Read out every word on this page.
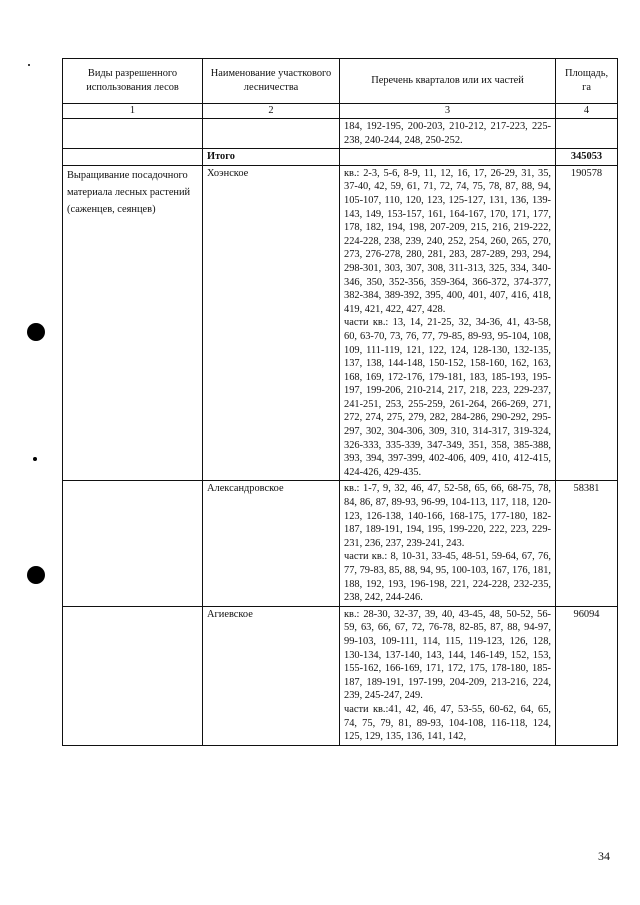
Виды разрешенного использования лесов	Наименование участкового лесничества	Перечень кварталов или их частей	Площадь, га
1	2	3	4
		184, 192-195, 200-203, 210-212, 217-223, 225-238, 240-244, 248, 250-252.	
	Итого		345053
Выращивание посадочного материала лесных растений (саженцев, сеянцев)	Хоэнское	кв.: 2-3, 5-6, 8-9, 11, 12, 16, 17, 26-29, 31, 35, 37-40, 42, 59, 61, 71, 72, 74, 75, 78, 87, 88, 94, 105-107, 110, 120, 123, 125-127, 131, 136, 139-143, 149, 153-157, 161, 164-167, 170, 171, 177, 178, 182, 194, 198, 207-209, 215, 216, 219-222, 224-228, 238, 239, 240, 252, 254, 260, 265, 270, 273, 276-278, 280, 281, 283, 287-289, 293, 294, 298-301, 303, 307, 308, 311-313, 325, 334, 340-346, 350, 352-356, 359-364, 366-372, 374-377, 382-384, 389-392, 395, 400, 401, 407, 416, 418, 419, 421, 422, 427, 428.
части кв.: 13, 14, 21-25, 32, 34-36, 41, 43-58, 60, 63-70, 73, 76, 77, 79-85, 89-93, 95-104, 108, 109, 111-119, 121, 122, 124, 128-130, 132-135, 137, 138, 144-148, 150-152, 158-160, 162, 163, 168, 169, 172-176, 179-181, 183, 185-193, 195-197, 199-206, 210-214, 217, 218, 223, 229-237, 241-251, 253, 255-259, 261-264, 266-269, 271, 272, 274, 275, 279, 282, 284-286, 290-292, 295-297, 302, 304-306, 309, 310, 314-317, 319-324, 326-333, 335-339, 347-349, 351, 358, 385-388, 393, 394, 397-399, 402-406, 409, 410, 412-415, 424-426, 429-435.	190578
	Александровское	кв.: 1-7, 9, 32, 46, 47, 52-58, 65, 66, 68-75, 78, 84, 86, 87, 89-93, 96-99, 104-113, 117, 118, 120-123, 126-138, 140-166, 168-175, 177-180, 182-187, 189-191, 194, 195, 199-220, 222, 223, 229-231, 236, 237, 239-241, 243.
части кв.: 8, 10-31, 33-45, 48-51, 59-64, 67, 76, 77, 79-83, 85, 88, 94, 95, 100-103, 167, 176, 181, 188, 192, 193, 196-198, 221, 224-228, 232-235, 238, 242, 244-246.	58381
	Агиевское	кв.: 28-30, 32-37, 39, 40, 43-45, 48, 50-52, 56-59, 63, 66, 67, 72, 76-78, 82-85, 87, 88, 94-97, 99-103, 109-111, 114, 115, 119-123, 126, 128, 130-134, 137-140, 143, 144, 146-149, 152, 153, 155-162, 166-169, 171, 172, 175, 178-180, 185-187, 189-191, 197-199, 204-209, 213-216, 224, 239, 245-247, 249.
части кв.:41, 42, 46, 47, 53-55, 60-62, 64, 65, 74, 75, 79, 81, 89-93, 104-108, 116-118, 124, 125, 129, 135, 136, 141, 142,	96094
34
